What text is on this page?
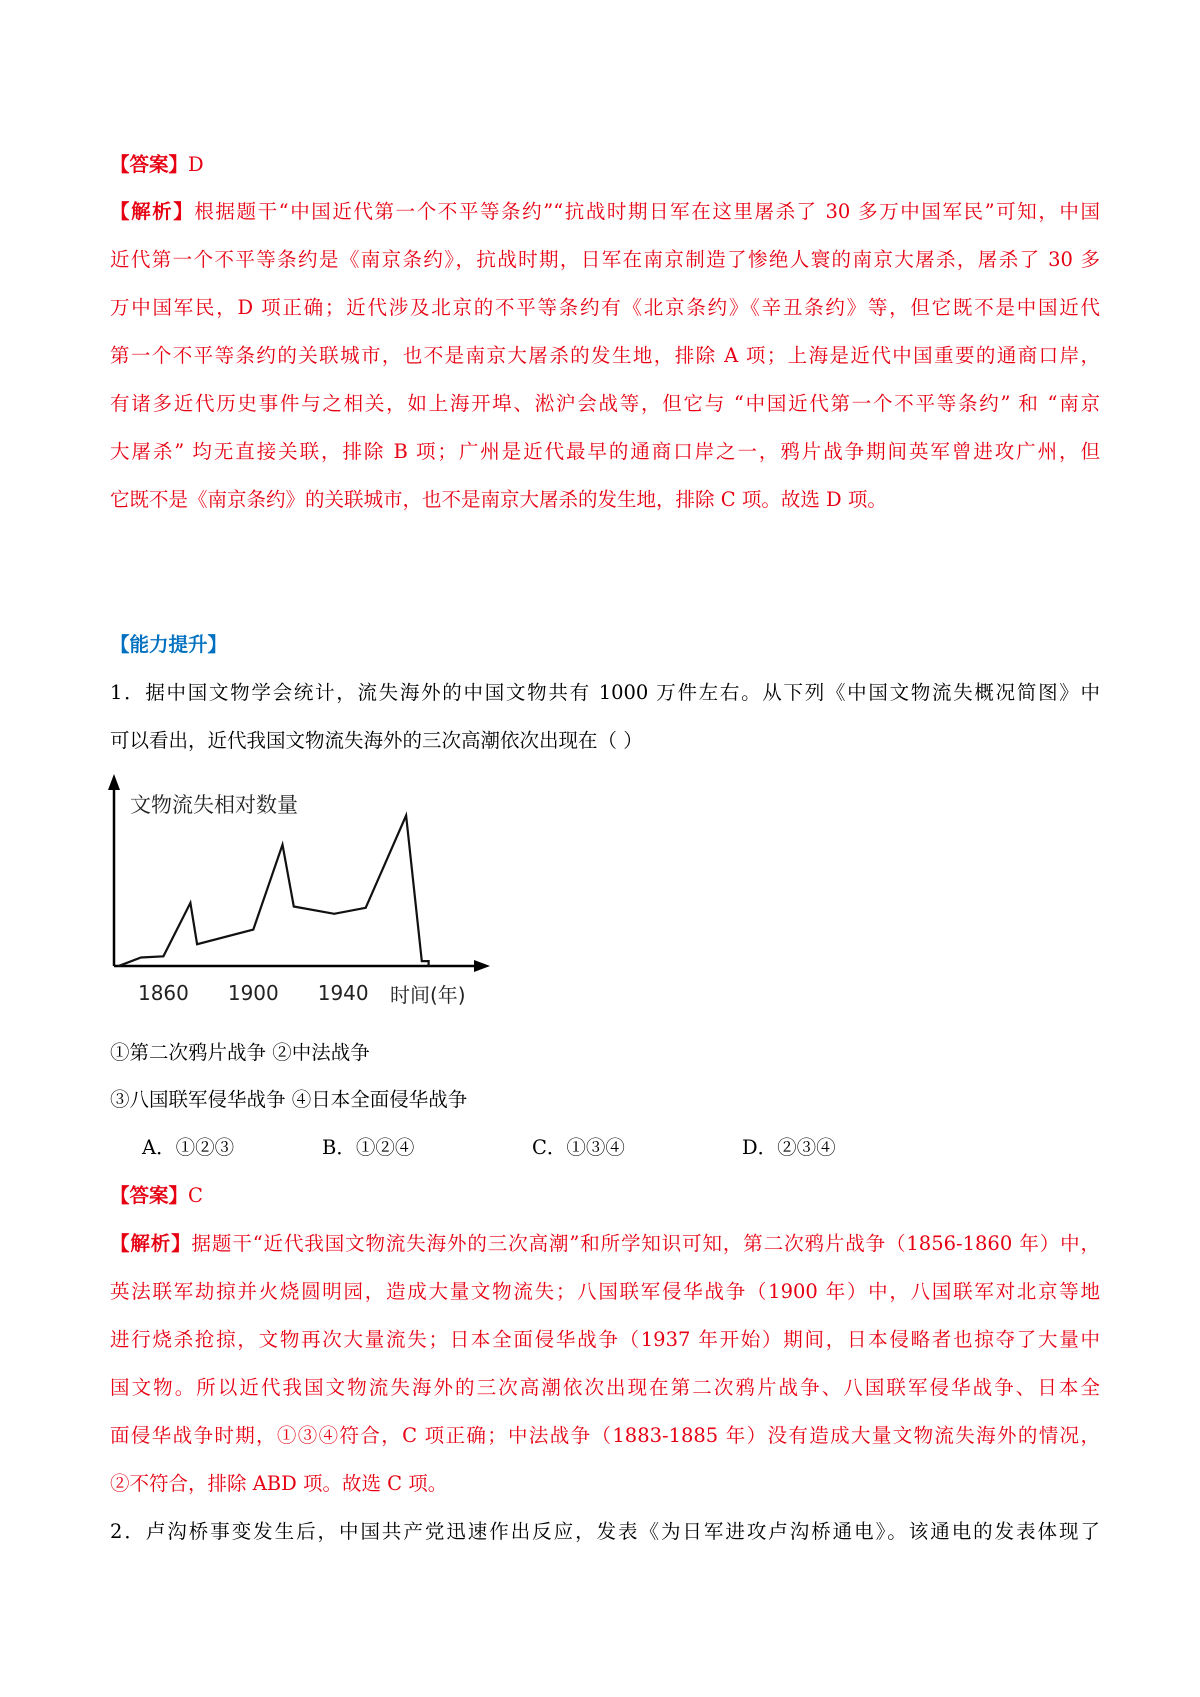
【答案】D
【解析】根据题干“中国近代第一个不平等条约”“抗战时期日军在这里屠杀了 30 多万中国军民”可知，中国
近代第一个不平等条约是《南京条约》，抗战时期，日军在南京制造了惨绝人寰的南京大屠杀，屠杀了 30 多
万中国军民，D 项正确；近代涉及北京的不平等条约有《北京条约》《辛丑条约》等，但它既不是中国近代
第一个不平等条约的关联城市，也不是南京大屠杀的发生地，排除 A 项；上海是近代中国重要的通商口岸，
有诸多近代历史事件与之相关，如上海开埠、淞沪会战等，但它与 “中国近代第一个不平等条约” 和 “南京
大屠杀” 均无直接关联，排除 B 项；广州是近代最早的通商口岸之一，鸦片战争期间英军曾进攻广州，但
它既不是《南京条约》的关联城市，也不是南京大屠杀的发生地，排除 C 项。故选 D 项。
【能力提升】
1．据中国文物学会统计，流失海外的中国文物共有 1000 万件左右。从下列《中国文物流失概况简图》中
可以看出，近代我国文物流失海外的三次高潮依次出现在（ ）
文物流失相对数量
时间(年)
1860 1900 1940
①第二次鸦片战争 ②中法战争
③八国联军侵华战争 ④日本全面侵华战争
A．①②③	B．①②④	C．①③④	D．②③④
【答案】C
【解析】据题干“近代我国文物流失海外的三次高潮”和所学知识可知，第二次鸦片战争（1856-1860 年）中，
英法联军劫掠并火烧圆明园，造成大量文物流失；八国联军侵华战争（1900 年）中，八国联军对北京等地
进行烧杀抢掠，文物再次大量流失；日本全面侵华战争（1937 年开始）期间，日本侵略者也掠夺了大量中
国文物。所以近代我国文物流失海外的三次高潮依次出现在第二次鸦片战争、八国联军侵华战争、日本全
面侵华战争时期，①③④符合，C 项正确；中法战争（1883-1885 年）没有造成大量文物流失海外的情况，
②不符合，排除 ABD 项。故选 C 项。
2．卢沟桥事变发生后，中国共产党迅速作出反应，发表《为日军进攻卢沟桥通电》。该通电的发表体现了
